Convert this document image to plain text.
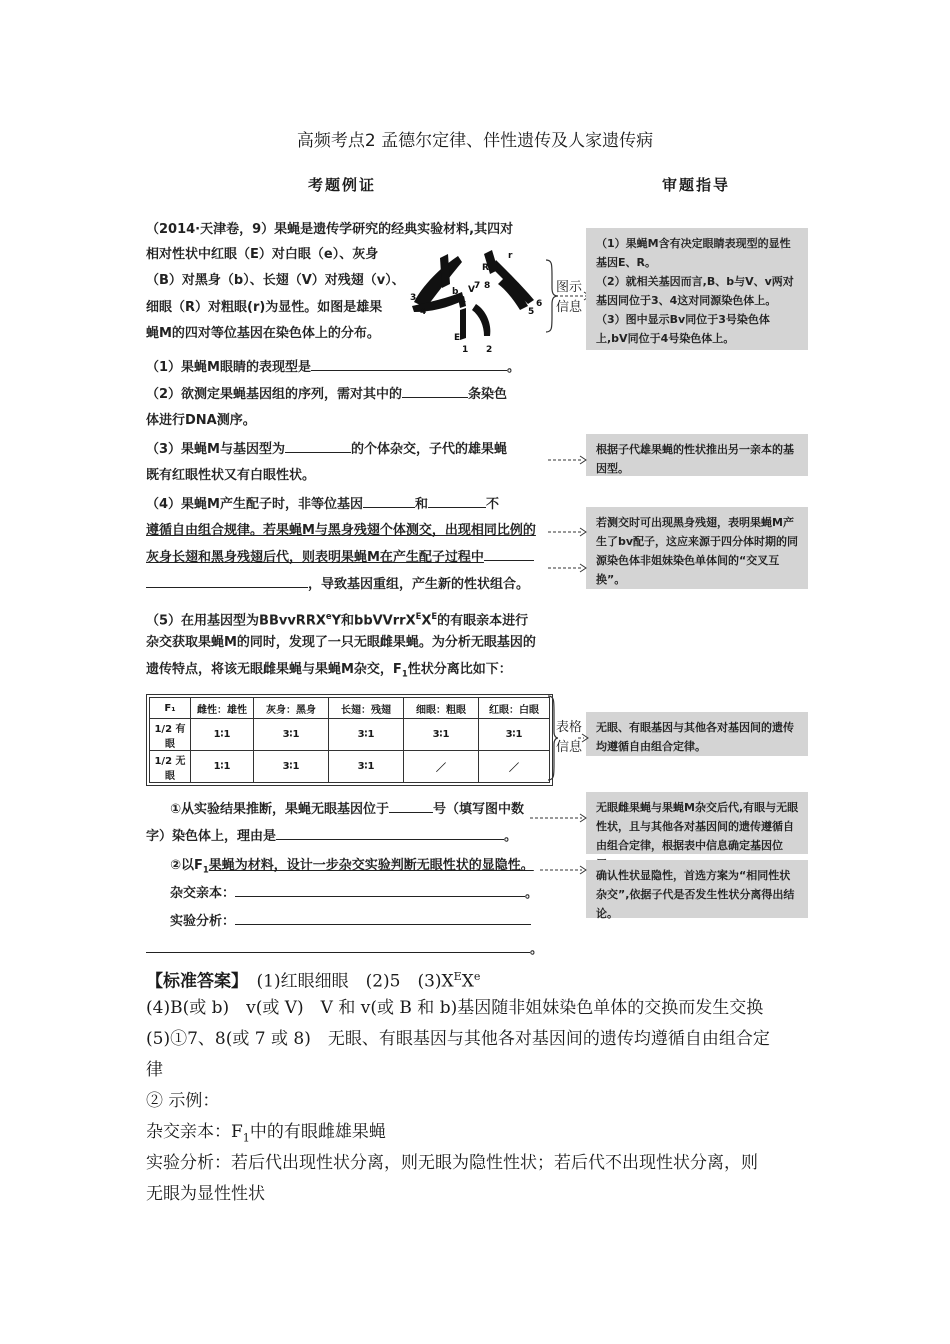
高频考点2 孟德尔定律、伴性遗传及人家遗传病
考题例证	审题指导
（2014·天津卷，9）果蝇是遗传学研究的经典实验材料,其四对
相对性状中红眼（E）对白眼（e）、灰身
（B）对黑身（b）、长翅（V）对残翅（v）、
细眼（R）对粗眼(r)为显性。如图是雄果
蝇M的四对等位基因在染色体上的分布。
b V
v
R
r
E
7 8
3
4	5
6
1 2
图示
信息
（1）果蝇M含有决定眼睛表现型的显性基因E、R。
（2）就相关基因而言,B、b与V、v两对基因同位于3、4这对同源染色体上。
（3）图中显示Bv同位于3号染色体上,bV同位于4号染色体上。
根据子代雄果蝇的性状推出另一亲本的基因型。
若测交时可出现黑身残翅，表明果蝇M产生了bv配子，这应来源于四分体时期的同源染色体非姐妹染色单体间的“交叉互换”。
无眼、有眼基因与其他各对基因间的遗传均遵循自由组合定律。
无眼雌果蝇与果蝇M杂交后代,有眼与无眼性状，且与其他各对基因间的遗传遵循自由组合定律，根据表中信息确定基因位
确认性状显隐性，首选方案为“相同性状杂交”,依据子代是否发生性状分离得出结论。
（1）果蝇M眼睛的表现型是	。
（2）欲测定果蝇基因组的序列，需对其中的	条染色
体进行DNA测序。
（3）果蝇M与基因型为	的个体杂交，子代的雄果蝇
既有红眼性状又有白眼性状。
（4）果蝇M产生配子时，非等位基因	和	不
遵循自由组合规律。若果蝇M与黑身残翅个体测交，出现相同比例的
灰身长翅和黑身残翅后代，则表明果蝇M在产生配子过程中
，导致基因重组，产生新的性状组合。
（5）在用基因型为BBvvRRX$^e$Y和$bbVVrrX^EX^E$的有眼亲本进行
杂交获取果蝇M的同时，发现了一只无眼雌果蝇。为分析无眼基因的
遗传特点，将该无眼雌果蝇与果蝇M杂交，$F_1$性状分离比如下：
F₁	雌性：雄性	灰身：黑身	长翅：残翅	细眼：粗眼	红眼：白眼
1/2 有眼	1∶1	3∶1	3∶1	3∶1	3∶1
1/2 无眼	1∶1	3∶1	3∶1	／	／
表格
信息
①从实验结果推断，果蝇无眼基因位于	号（填写图中数
字）染色体上，理由是	。
②以$F_1$果蝇为材料，设计一步杂交实验判断无眼性状的显隐性。
杂交亲本：	。
实验分析：
。
【标准答案】　 (1)红眼细眼　(2)5　$(3)X^EXe$
(4)B(或 b)　v(或 V)　V 和 v(或 B 和 b)基因随非姐妹染色单体的交换而发生交换
(5)①7、8(或 7 或 8)　无眼、有眼基因与其他各对基因间的遗传均遵循自由组合定
律
② 示例：
杂交亲本：$F_1$中的有眼雌雄果蝇
实验分析：若后代出现性状分离，则无眼为隐性性状；若后代不出现性状分离，则
无眼为显性性状
